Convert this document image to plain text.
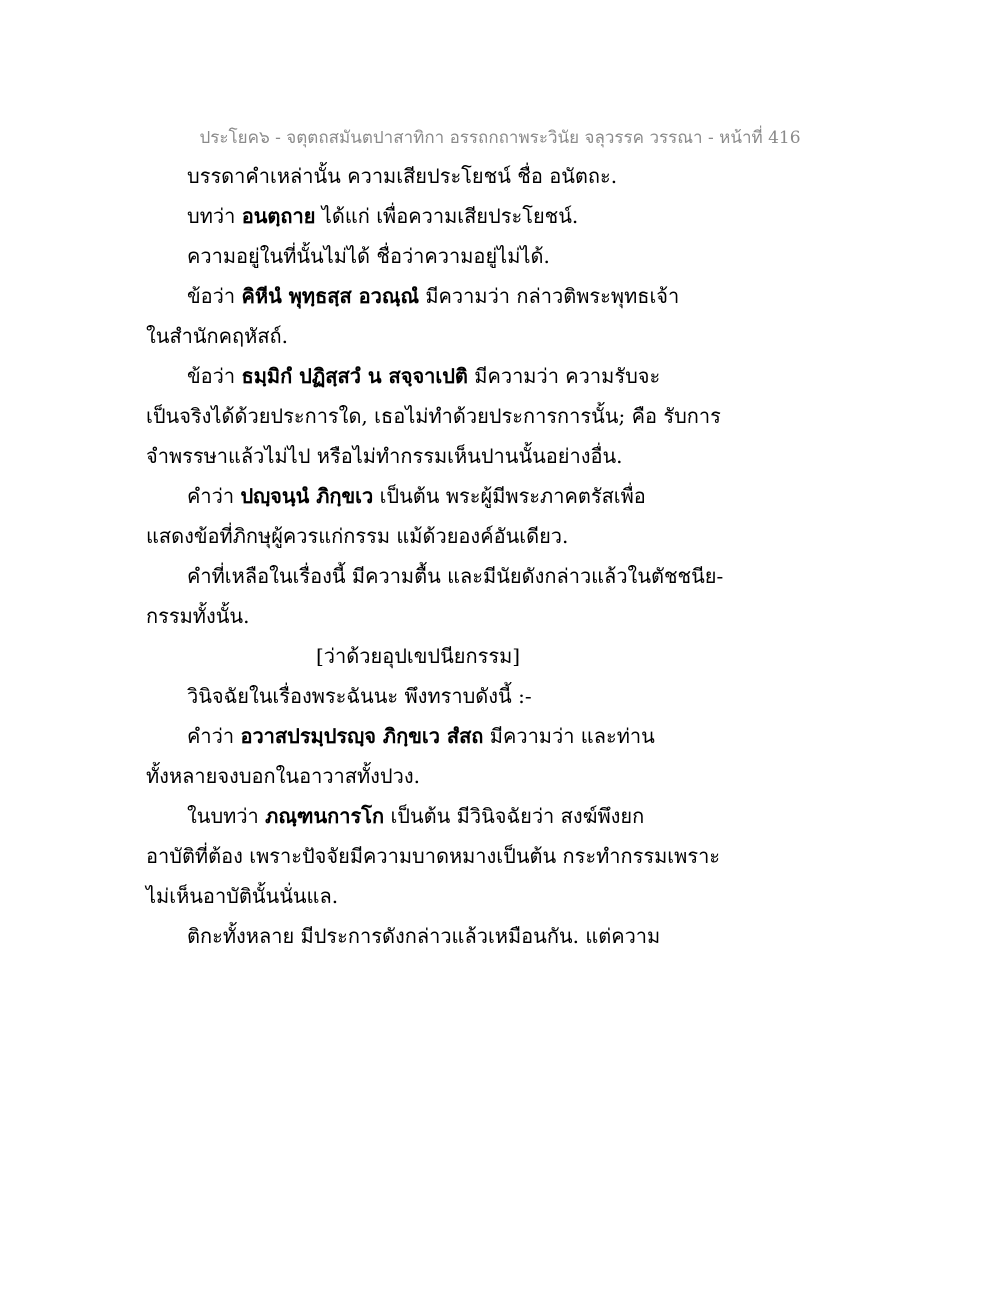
ประโยค๖ - จตุตถสมันตปาสาทิกา อรรถกถาพระวินัย จลุวรรค วรรณา - หน้าที่ 416
บรรดาคำเหล่านั้น ความเสียประโยชน์ ชื่อ อนัตถะ.
บทว่า อนตฺถาย ได้แก่ เพื่อความเสียประโยชน์.
ความอยู่ในที่นั้นไม่ได้ ชื่อว่าความอยู่ไม่ได้.
ข้อว่า คิหีนํ พุทฺธสฺส อวณฺณํ มีความว่า กล่าวติพระพุทธเจ้า
ในสำนักคฤหัสถ์.
ข้อว่า ธมฺมิกํ ปฏิสฺสวํ น สจฺจาเปติ มีความว่า ความรับจะ
เป็นจริงได้ด้วยประการใด, เธอไม่ทำด้วยประการการนั้น; คือ รับการ
จำพรรษาแล้วไม่ไป หรือไม่ทำกรรมเห็นปานนั้นอย่างอื่น.
คำว่า ปญฺจนฺนํ ภิกฺขเว เป็นต้น พระผู้มีพระภาคตรัสเพื่อ
แสดงข้อที่ภิกษุผู้ควรแก่กรรม แม้ด้วยองค์อันเดียว.
คำที่เหลือในเรื่องนี้ มีความตื้น และมีนัยดังกล่าวแล้วในตัชชนีย-
กรรมทั้งนั้น.
[ว่าด้วยอุปเขปนียกรรม]
วินิจฉัยในเรื่องพระฉันนะ พึงทราบดังนี้ :-
คำว่า อวาสปรมฺปรญฺจ ภิกฺขเว สํสถ มีความว่า และท่าน
ทั้งหลายจงบอกในอาวาสทั้งปวง.
ในบทว่า ภณฺฑนการโก เป็นต้น มีวินิจฉัยว่า สงฆ์พึงยก
อาบัติที่ต้อง เพราะปัจจัยมีความบาดหมางเป็นต้น กระทำกรรมเพราะ
ไม่เห็นอาบัตินั้นนั่นแล.
ติกะทั้งหลาย มีประการดังกล่าวแล้วเหมือนกัน. แต่ความ
